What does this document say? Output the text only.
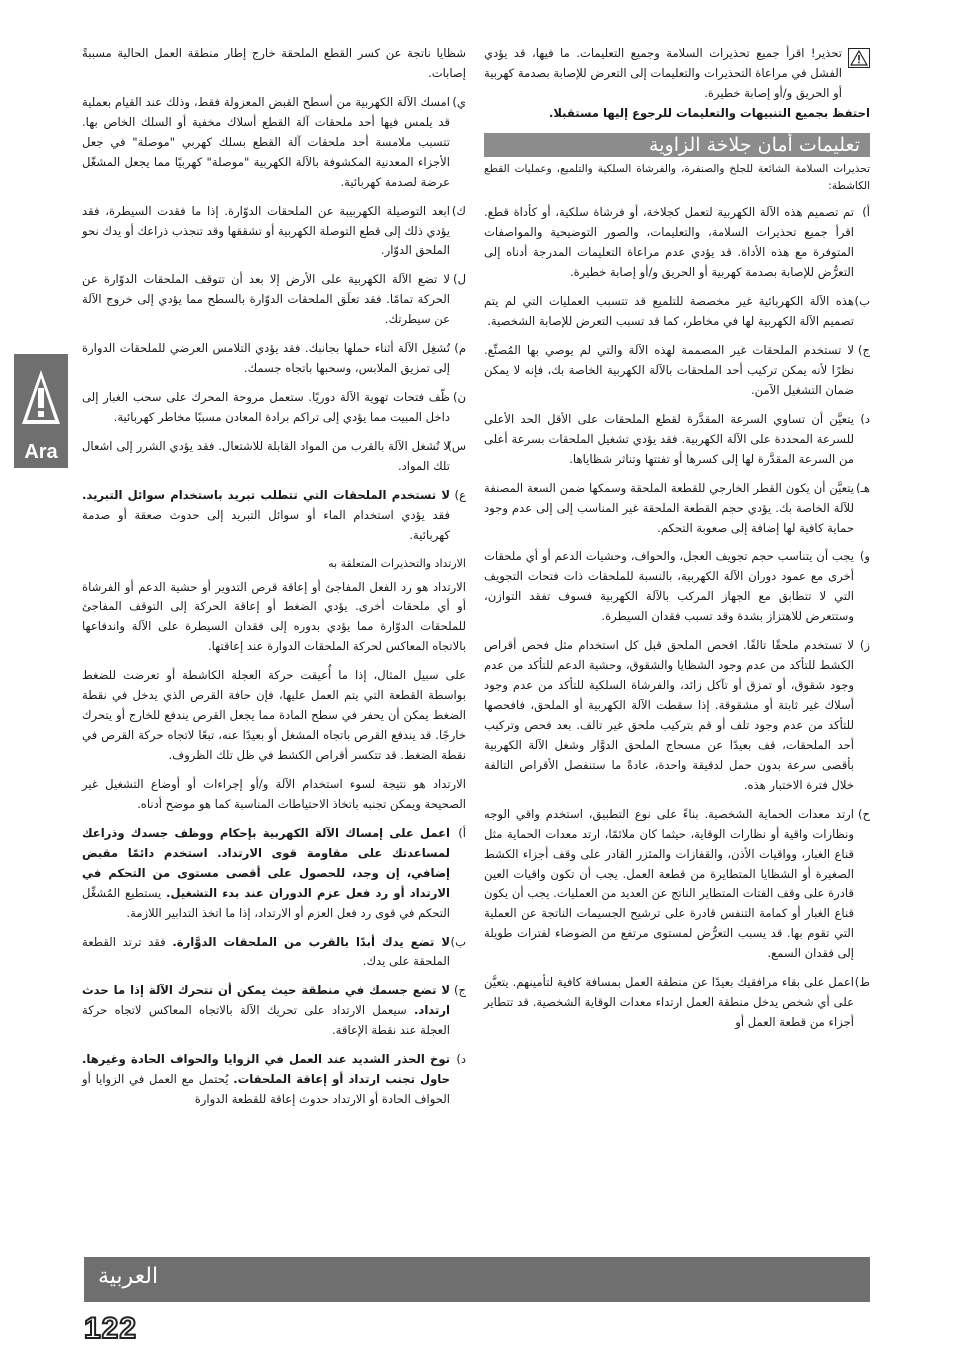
Ara

تحذير! اقرأ جميع تحذيرات السلامة وجميع التعليمات. ما فيها، قد يؤدي الفشل في مراعاة التحذيرات والتعليمات إلى التعرض للإصابة بصدمة كهربية أو الحريق و/أو إصابة خطيرة.

احتفظ بجميع التنبيهات والتعليمات للرجوع إليها مستقبلا.

تعليمات أمان جلاخة الزاوية

تحذيرات السلامة الشائعة للجلخ والصنفرة، والفرشاة السلكية والتلميع، وعمليات القطع الكاشطة:

أ)
تم تصميم هذه الآلة الكهربية لتعمل كجلاخة، أو فرشاة سلكية، أو كأداة قطع. اقرأ جميع تحذيرات السلامة، والتعليمات، والصور التوضيحية والمواصفات المتوفرة مع هذه الأداة. قد يؤدي عدم مراعاة التعليمات المدرجة أدناه إلى التعرُّض للإصابة بصدمة كهربية أو الحريق و/أو إصابة خطيرة.

ب)
هذه الآلة الكهربائية غير مخصصة للتلميع قد تتسبب العمليات التي لم يتم تصميم الآلة الكهربية لها في مخاطر، كما قد تسبب التعرض للإصابة الشخصية.

ج)
لا تستخدم الملحقات غير المصممة لهذه الآلة والتي لم يوصي بها المُصنِّع. نظرًا لأنه يمكن تركيب أحد الملحقات بالآلة الكهربية الخاصة بك، فإنه لا يمكن ضمان التشغيل الآمن.

د)
يتعيَّن أن تساوي السرعة المقدَّرة لقطع الملحقات على الأقل الحد الأعلى للسرعة المحددة على الآلة الكهربية. فقد يؤدي تشغيل الملحقات بسرعة أعلى من السرعة المقدَّرة لها إلى كسرها أو تفتتها وتناثر شظاياها.

هـ)
يتعيَّن أن يكون القطر الخارجي للقطعة الملحقة وسمكها ضمن السعة المصنفة للآلة الخاصة بك. يؤدي حجم القطعة الملحقة غير المناسب إلى إلى عدم وجود حماية كافية لها إضافة إلى صعوبة التحكم.

و)
يجب أن يتناسب حجم تجويف العجل، والحواف، وحشيات الدعم أو أي ملحقات أخرى مع عمود دوران الآلة الكهربية، بالنسبة للملحقات ذات فتحات التجويف التي لا تتطابق مع الجهاز المركب بالآلة الكهربية فسوف تفقد التوازن، وستتعرض للاهتزاز بشدة وقد تسبب فقدان السيطرة.

ز)
لا تستخدم ملحقًا تالفًا. افحص الملحق قبل كل استخدام مثل فحص أقراص الكشط للتأكد من عدم وجود الشظايا والشقوق، وحشية الدعم للتأكد من عدم وجود شقوق، أو تمزق أو تآكل زائد، والفرشاة السلكية للتأكد من عدم وجود أسلاك غير ثابتة أو مشقوقة. إذا سقطت الآلة الكهربية أو الملحق، فافحصها للتأكد من عدم وجود تلف أو قم بتركيب ملحق غير تالف. بعد فحص وتركيب أحد الملحقات، قف بعيدًا عن مسحاج الملحق الدوَّار وشغل الآلة الكهربية بأقصى سرعة بدون حمل لدقيقة واحدة، عادةً ما ستنفصل الأقراص التالفة خلال فترة الاختبار هذه.

ح)
ارتد معدات الحماية الشخصية. بناءً على نوع التطبيق، استخدم واقي الوجه ونظارات واقية أو نظارات الوقاية، حيثما كان ملائمًا، ارتد معدات الحماية مثل قناع الغبار، وواقيات الأذن، والقفازات والمئزر القادر على وقف أجزاء الكشط الصغيرة أو الشظايا المتطايرة من قطعة العمل. يجب أن تكون واقيات العين قادرة على وقف الفتات المتطاير الناتج عن العديد من العمليات. يجب أن يكون قناع الغبار أو كمامة التنفس قادرة على ترشيح الجسيمات الناتجة عن العملية التي تقوم بها. قد يسبب التعرُّض لمستوى مرتفع من الضوضاء لفترات طويلة إلى فقدان السمع.

ط)
اعمل على بقاء مرافقيك بعيدًا عن منطقة العمل بمسافة كافية لتأمينهم. يتعيَّن على أي شخص يدخل منطقة العمل ارتداء معدات الوقاية الشخصية. قد تتطاير أجزاء من قطعة العمل أو

شظايا ناتجة عن كسر القطع الملحقة خارج إطار منطقة العمل الحالية مسببةً إصابات.

ي)
امسك الآلة الكهربية من أسطح القبض المعزولة فقط، وذلك عند القيام بعملية قد يلمس فيها أحد ملحقات آلة القطع أسلاك مخفية أو السلك الخاص بها. تتسبب ملامسة أحد ملحقات آلة القطع بسلك كهربي "موصلة" في جعل الأجزاء المعدنية المكشوفة بالآلة الكهربية "موصلة" كهربيًا مما يجعل المشغّل عرضة لصدمة كهربائية.

ك)
ابعد التوصيلة الكهربيبة عن الملحقات الدوّارة. إذا ما فقدت السيطرة، فقد يؤدي ذلك إلى قطع التوصلة الكهربية أو تشققها وقد تنجذب ذراعك أو يدك نحو الملحق الدوّار.

ل)
لا تضع الآلة الكهربية على الأرض إلا بعد أن تتوقف الملحقات الدوّارة عن الحركة تمامًا. فقد تعلَق الملحقات الدوّارة بالسطح مما يؤدي إلى خروج الآلة عن سيطرتك.

م)
تُشغِل الآلة أثناء حملها بجانبك. فقد يؤدي التلامس العرضي للملحقات الدوارة إلى تمزيق الملابس، وسحبها باتجاه جسمك.

ن)
ظّف فتحات تهوية الآلة دوريًا. ستعمل مروحة المحرك على سحب الغبار إلى داخل المبيت مما يؤدي إلى تراكم برادة المعادن مسببًا مخاطر كهربائية.

س)
لا تُشغل الآلة بالقرب من المواد القابلة للاشتعال. فقد يؤدي الشرر إلى اشعال تلك المواد.

ع)
لا تستخدم الملحقات التي تتطلب تبريد باستخدام سوائل التبريد. فقد يؤدي استخدام الماء أو سوائل التبريد إلى حدوث صعقة أو صدمة كهربائية.

الارتداد والتحذيرات المتعلقة به

الارتداد هو رد الفعل المفاجئ أو إعاقة قرص التدوير أو حشية الدعم أو الفرشاة أو أي ملحقات أخرى. يؤدي الضغط أو إعاقة الحركة إلى التوقف المفاجئ للملحقات الدوّارة مما يؤدي بدوره إلى فقدان السيطرة على الآلة واندفاعها بالاتجاه المعاكس لحركة الملحقات الدوارة عند إعاقتها.

على سبيل المثال، إذا ما أُعيقت حركة العجلة الكاشطة أو تعرضت للضغط بواسطة القطعة التي يتم العمل عليها، فإن حافة القرص الذي يدخل في نقطة الضغط يمكن أن يحفر في سطح المادة مما يجعل القرص يندفع للخارج أو يتحرك خارجًا. قد يندفع القرص باتجاه المشغل أو بعيدًا عنه، تبعًا لاتجاه حركة القرص في نقطة الضغط. قد تتكسر أقراص الكشط في ظل تلك الظروف.

الارتداد هو نتيجة لسوء استخدام الآلة و/أو إجراءات أو أوضاع التشغيل غير الصحيحة ويمكن تجنبه باتخاذ الاحتياطات المناسبة كما هو موضح أدناه.

أ)
اعمل على إمساك الآلة الكهربية بإحكام ووظف جسدك وذراعك لمساعدتك على مقاومة قوى الارتداد. استخدم دائمًا مقبض إضافي، إن وجد، للحصول على أقصى مستوى من التحكم في الارتداد أو رد فعل عزم الدوران عند بدء التشغيل. يستطيع المُشغِّل التحكم في قوى رد فعل العزم أو الارتداد، إذا ما اتخذ التدابير اللازمة.

ب)
لا تضع يدك أبدًا بالقرب من الملحقات الدوَّارة. فقد ترتد القطعة الملحقة على يدك.

ج)
لا تضع جسمك في منطقة حيث يمكن أن تتحرك الآلة إذا ما حدث ارتداد. سيعمل الارتداد على تحريك الآلة بالاتجاه المعاكس لاتجاه حركة العجلة عند نقطة الإعاقة.

د)
توخ الحذر الشديد عند العمل في الزوايا والحواف الحادة وغيرها. حاول تجنب ارتداد أو إعاقة الملحقات. يُحتمل مع العمل في الزوايا أو الحواف الحادة أو الارتداد حدوث إعاقة للقطعة الدوارة

العربية
122
